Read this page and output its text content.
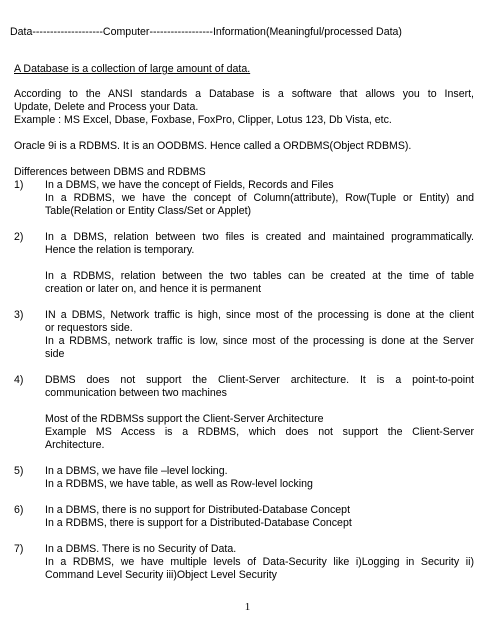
Data--------------------Computer------------------Information(Meaningful/processed Data)
A Database is a collection of large amount of data.
According to the ANSI standards a Database is a software that allows you to Insert,
Update, Delete and Process your Data.
Example : MS Excel, Dbase, Foxbase, FoxPro, Clipper, Lotus 123, Db Vista, etc.
Oracle 9i is a RDBMS. It is an OODBMS. Hence called a ORDBMS(Object RDBMS).
Differences between DBMS and RDBMS
1) In a DBMS, we have the concept of Fields, Records and Files
In a RDBMS, we have the concept of Column(attribute), Row(Tuple or Entity) and
Table(Relation or Entity Class/Set or Applet)
2) In a DBMS, relation between two files is created and maintained programmatically.
Hence the relation is temporary.
In a RDBMS, relation between the two tables can be created at the time of table
creation or later on, and hence it is permanent
3) IN a DBMS, Network traffic is high, since most of the processing is done at the client
or requestors side.
In a RDBMS, network traffic is low, since most of the processing is done at the Server
side
4) DBMS does not support the Client-Server architecture. It is a point-to-point
communication between two machines
Most of the RDBMSs support the Client-Server Architecture
Example MS Access is a RDBMS, which does not support the Client-Server
Architecture.
5) In a DBMS, we have file –level locking.
In a RDBMS, we have table, as well as Row-level locking
6) In a DBMS, there is no support for Distributed-Database Concept
In a RDBMS, there is support for a Distributed-Database Concept
7) In a DBMS. There is no Security of Data.
In a RDBMS, we have multiple levels of Data-Security like i)Logging in Security ii)
Command Level Security iii)Object Level Security
1
